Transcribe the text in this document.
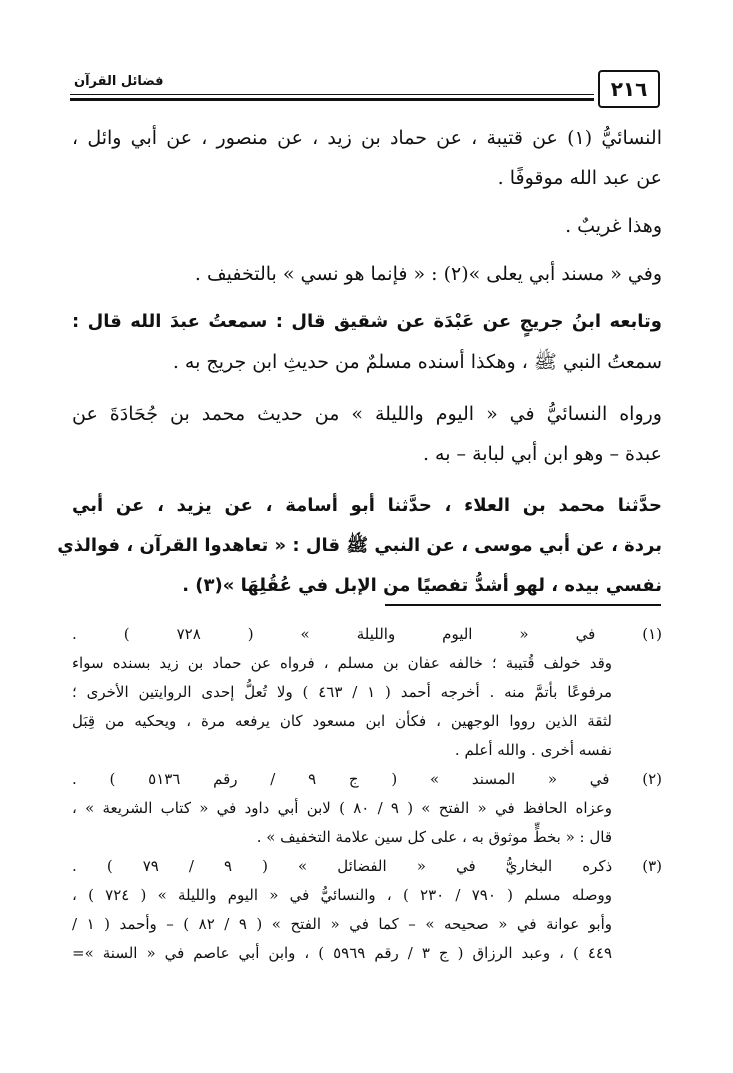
٢١٦
فضائل القرآن
النسائيُّ (١) عن قتيبة ، عن حماد بن زيد ، عن منصور ، عن أبي وائل ،
عن عبد الله موقوفًا .
وهذا غريبٌ .
وفي « مسند أبي يعلى »(٢) : « فإنما هو نسي » بالتخفيف .
وتابعه ابنُ جريجٍ عن عَبْدَة عن شقيق قال : سمعتُ عبدَ الله قال :
سمعتُ النبي ﷺ ، وهكذا أسنده مسلمٌ من حديثِ ابن جريج به .
ورواه النسائيُّ في « اليوم والليلة » من حديث محمد بن جُحَادَةَ عن
عبدة – وهو ابن أبي لبابة – به .
حدَّثنا محمد بن العلاء ، حدَّثنا أبو أسامة ، عن يزيد ، عن أبي
بردة ، عن أبي موسى ، عن النبي ﷺ قال : « تعاهدوا القرآن ، فوالذي
نفسي بيده ، لهو أشدُّ تفصيًا من الإبل في عُقُلِهَا »(٣) .
(١) في « اليوم والليلة » ( ٧٢٨ ) .
وقد خولف قُتيبة ؛ خالفه عفان بن مسلم ، فرواه عن حماد بن زيد بسنده سواء
مرفوعًا بأتمَّ منه . أخرجه أحمد ( ١ / ٤٦٣ ) ولا تُعلُّ إحدى الروايتين الأخرى ؛
لثقة الذين رووا الوجهين ، فكأن ابن مسعود كان يرفعه مرة ، ويحكيه من قِبَل
نفسه أخرى . والله أعلم .
(٢) في « المسند » ( ج ٩ / رقم ٥١٣٦ ) .
وعزاه الحافظ في « الفتح » ( ٩ / ٨٠ ) لابن أبي داود في « كتاب الشريعة » ،
قال : « بخطٍّ موثوق به ، على كل سين علامة التخفيف » .
(٣) ذكره البخاريُّ في « الفضائل » ( ٩ / ٧٩ ) .
ووصله مسلم ( ٧٩٠ / ٢٣٠ ) ، والنسائيُّ في « اليوم والليلة » ( ٧٢٤ ) ،
وأبو عوانة في « صحيحه » – كما في « الفتح » ( ٩ / ٨٢ ) – وأحمد ( ١ /
٤٤٩ ) ، وعبد الرزاق ( ج ٣ / رقم ٥٩٦٩ ) ، وابن أبي عاصم في « السنة »=
